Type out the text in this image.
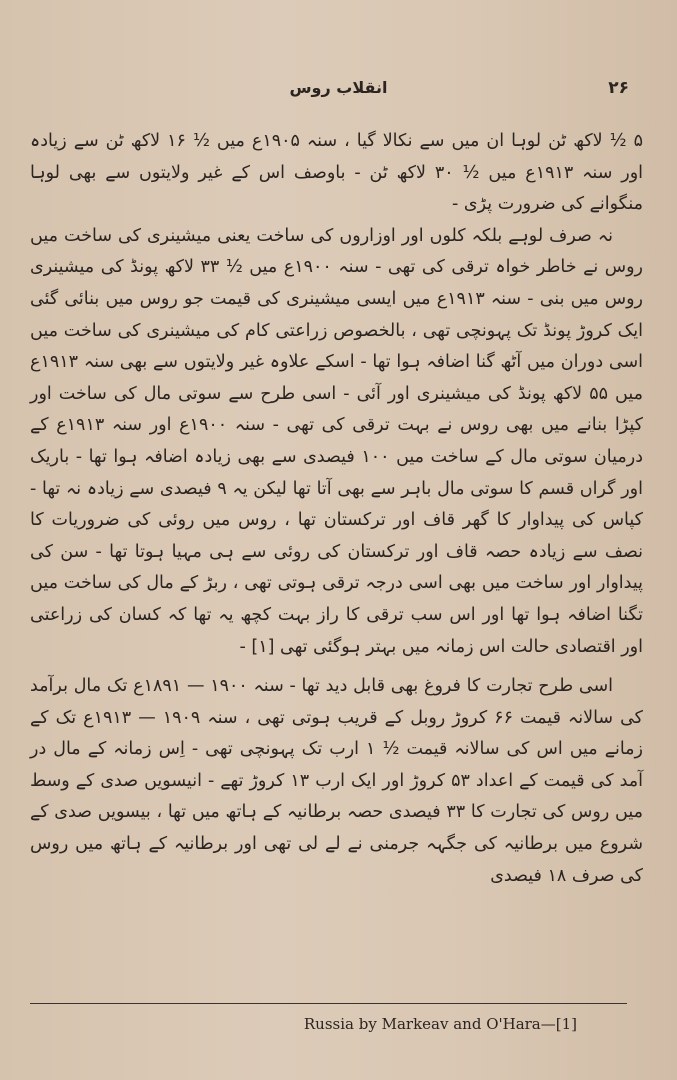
انقلاب روس	۲۶

۵ ½ لاکھ ٹن لوہا ان میں سے نکالا گیا ، سنہ ۱۹۰۵ع میں ½ ۱۶ لاکھ ٹن سے زیادہ اور سنہ ۱۹۱۳ع میں ½ ۳۰ لاکھ ٹن - باوصف اس کے غیر ولایتوں سے بھی لوہا منگوانے کی ضرورت پڑی -

نہ صرف لوہے بلکہ کلوں اور اوزاروں کی ساخت یعنی میشینری کی ساخت میں روس نے خاطر خواہ ترقی کی تھی - سنہ ۱۹۰۰ع میں ½ ۳۳ لاکھ پونڈ کی میشینری روس میں بنی - سنہ ۱۹۱۳ع میں ایسی میشینری کی قیمت جو روس میں بنائی گئی ایک کروڑ پونڈ تک پہونچی تھی ، بالخصوص زراعتی کام کی میشینری کی ساخت میں اسی دوران میں آٹھ گنا اضافہ ہوا تھا - اسکے علاوہ غیر ولایتوں سے بھی سنہ ۱۹۱۳ع میں ۵۵ لاکھ پونڈ کی میشینری اور آئی - اسی طرح سے سوتی مال کی ساخت اور کپڑا بنانے میں بھی روس نے بہت ترقی کی تھی - سنہ ۱۹۰۰ع اور سنہ ۱۹۱۳ع کے درمیان سوتی مال کے ساخت میں ۱۰۰ فیصدی سے بھی زیادہ اضافہ ہوا تھا - باریک اور گراں قسم کا سوتی مال باہر سے بھی آتا تھا لیکن یہ ۹ فیصدی سے زیادہ نہ تھا - کپاس کی پیداوار کا گھر قاف اور ترکستان تھا ، روس میں روئی کی ضروریات کا نصف سے زیادہ حصہ قاف اور ترکستان کی روئی سے ہی مہیا ہوتا تھا - سن کی پیداوار اور ساخت میں بھی اسی درجہ ترقی ہوتی تھی ، ربڑ کے مال کی ساخت میں تگنا اضافہ ہوا تھا اور اس سب ترقی کا راز بہت کچھ یہ تھا کہ کسان کی زراعتی اور اقتصادی حالت اس زمانہ میں بہتر ہوگئی تھی [۱] -

اسی طرح تجارت کا فروغ بھی قابل دید تھا - سنہ ۱۹۰۰ — ۱۸۹۱ع تک مال برآمد کی سالانہ قیمت ۶۶ کروڑ روبل کے قریب ہوتی تھی ، سنہ ۱۹۰۹ — ۱۹۱۳ع تک کے زمانے میں اس کی سالانہ قیمت ½ ۱ ارب تک پہونچی تھی - اِس زمانہ کے مال در آمد کی قیمت کے اعداد ۵۳ کروڑ اور ایک ارب ۱۳ کروڑ تھے - انیسویں صدی کے وسط میں روس کی تجارت کا ۳۳ فیصدی حصہ برطانیہ کے ہاتھ میں تھا ، بیسویں صدی کے شروع میں برطانیہ کی جگہہ جرمنی نے لے لی تھی اور برطانیہ کے ہاتھ میں روس کی صرف ۱۸ فیصدی

Russia by Markeav and O'Hara—[1]
